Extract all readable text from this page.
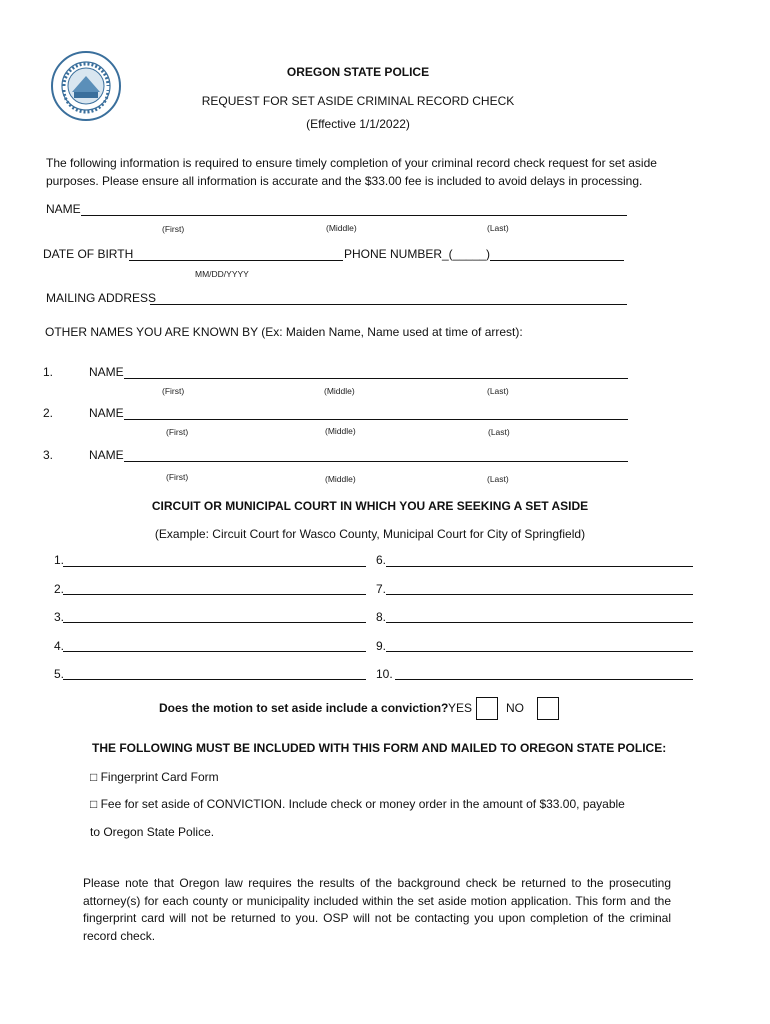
OREGON STATE POLICE
REQUEST FOR SET ASIDE CRIMINAL RECORD CHECK
(Effective 1/1/2022)
The following information is required to ensure timely completion of your criminal record check request for set aside
purposes. Please ensure all information is accurate and the $33.00 fee is included to avoid delays in processing.
NAME
(First)	(Middle)	(Last)
DATE OF BIRTH	PHONE NUMBER_(_____)
MM/DD/YYYY
MAILING ADDRESS
OTHER NAMES YOU ARE KNOWN BY (Ex: Maiden Name, Name used at time of arrest):
1.	NAME
(First)	(Middle)	(Last)
2.	NAME
(First)	(Middle)	(Last)
3.	NAME
(First)	(Middle)	(Last)
CIRCUIT OR MUNICIPAL COURT IN WHICH YOU ARE SEEKING A SET ASIDE
(Example: Circuit Court for Wasco County, Municipal Court for City of Springfield)
1.
2.
3.
4.
5.
6.
7.
8.
9.
10.
Does the motion to set aside include a conviction? YES	NO
THE FOLLOWING MUST BE INCLUDED WITH THIS FORM AND MAILED TO OREGON STATE POLICE:
□ Fingerprint Card Form
□ Fee for set aside of CONVICTION. Include check or money order in the amount of $33.00, payable
to Oregon State Police.
Please note that Oregon law requires the results of the background check be returned to the prosecuting attorney(s) for each county or municipality included within the set aside motion application. This form and the fingerprint card will not be returned to you. OSP will not be contacting you upon completion of the criminal record check.
